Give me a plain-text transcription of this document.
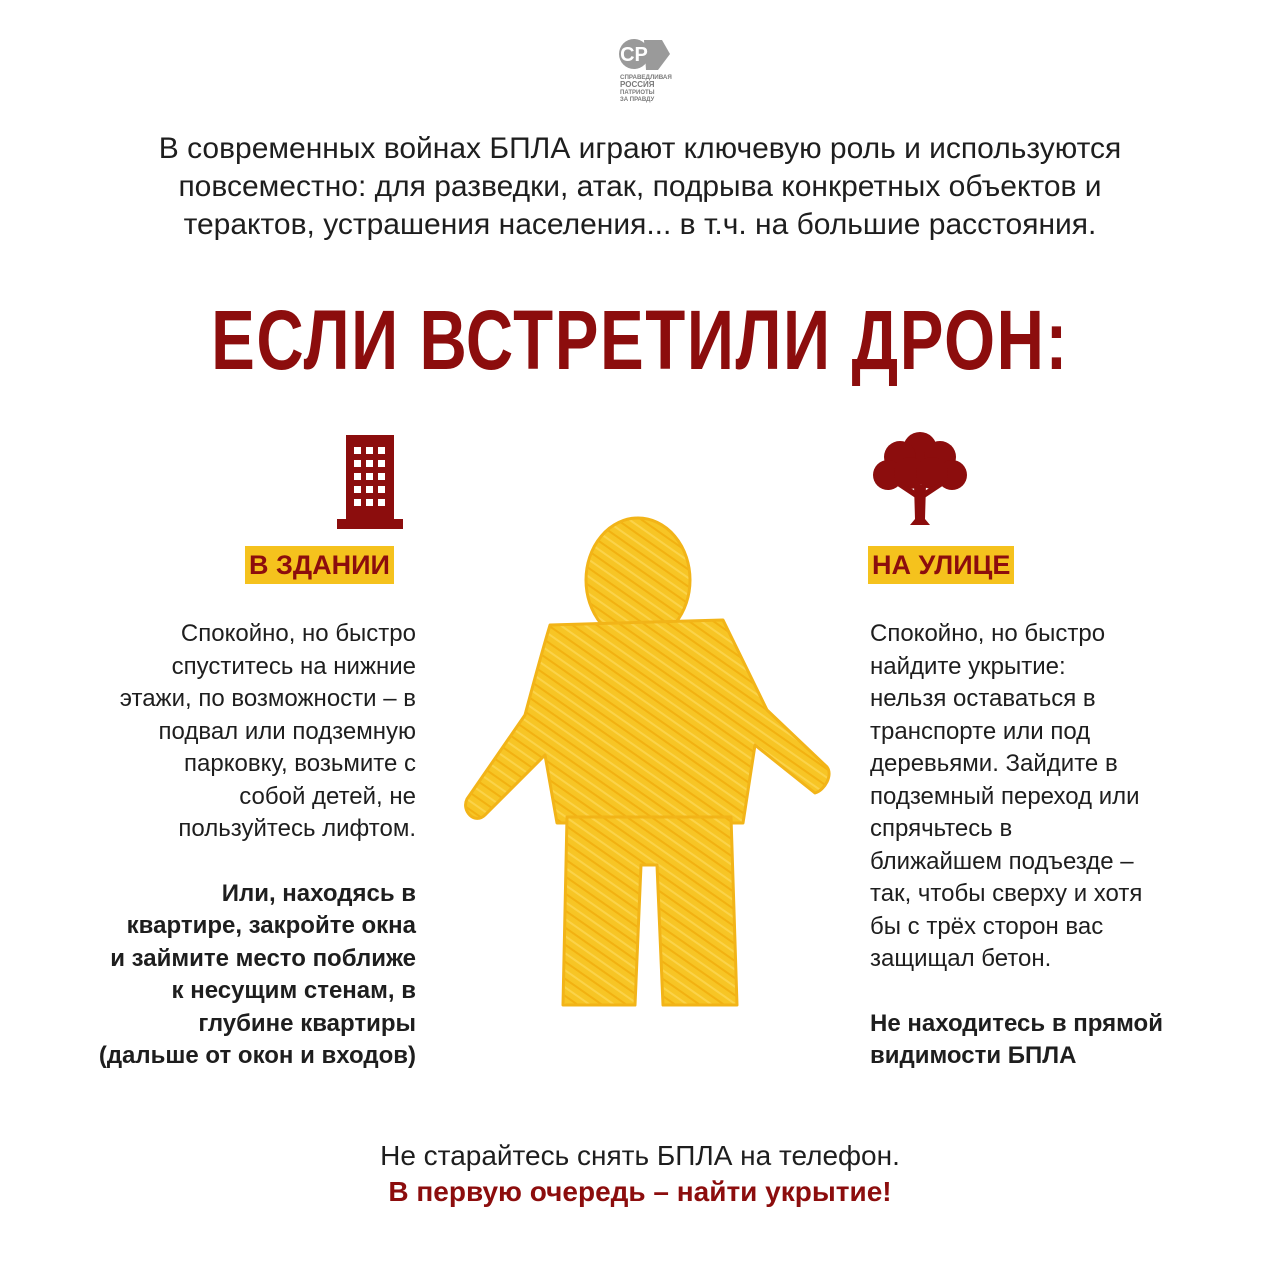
СР
СПРАВЕДЛИВАЯ
РОССИЯ
ПАТРИОТЫ
ЗА ПРАВДУ
В современных войнах БПЛА играют ключевую роль и используются
повсеместно: для разведки, атак, подрыва конкретных объектов и
терактов, устрашения населения... в т.ч. на большие расстояния.
ЕСЛИ ВСТРЕТИЛИ ДРОН:
В ЗДАНИИ	НА УЛИЦЕ
Спокойно, но быстро
спуститесь на нижние
этажи, по возможности – в
подвал или подземную
парковку, возьмите с
собой детей, не
пользуйтесь лифтом.
Или, находясь в
квартире, закройте окна
и займите место поближе
к несущим стенам, в
глубине квартиры
(дальше от окон и входов)
Спокойно, но быстро
найдите укрытие:
нельзя оставаться в
транспорте или под
деревьями. Зайдите в
подземный переход или
спрячьтесь в
ближайшем подъезде –
так, чтобы сверху и хотя
бы с трёх сторон вас
защищал бетон.
Не находитесь в прямой
видимости БПЛА
Не старайтесь снять БПЛА на телефон.
В первую очередь – найти укрытие!
